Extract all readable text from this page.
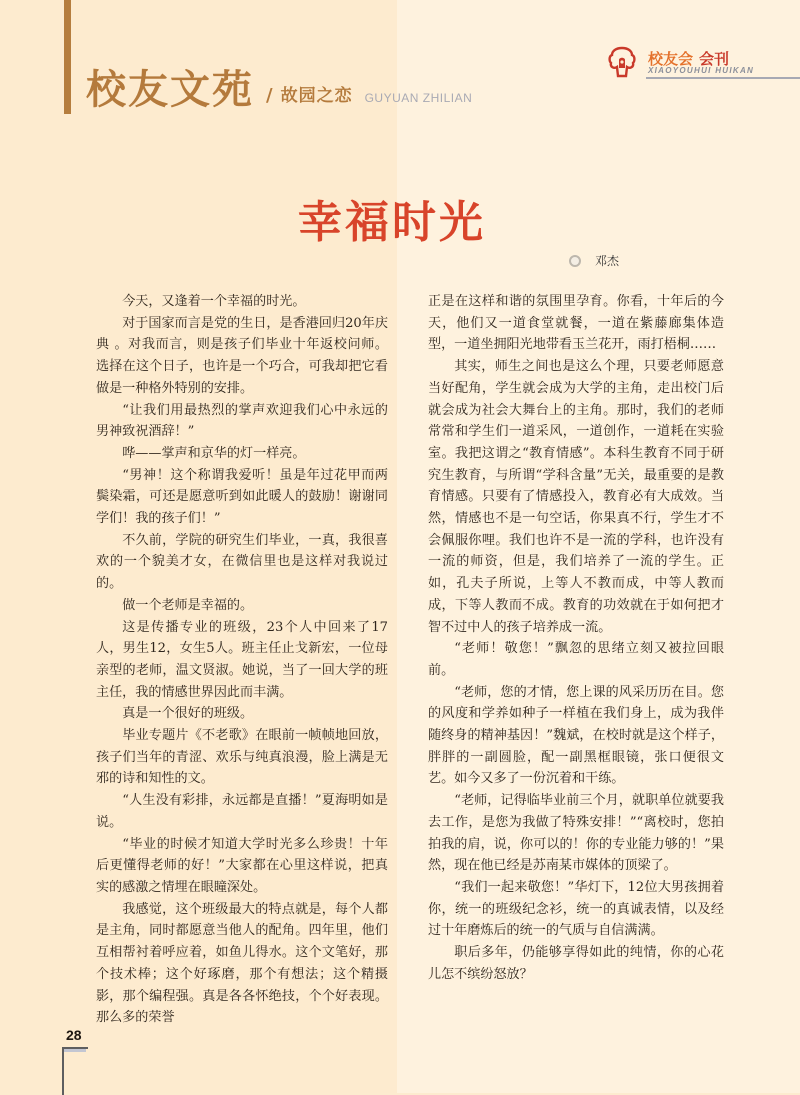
校友文苑 / 故园之恋 GUYUAN ZHILIAN
校友会 会刊
XIAOYOUHUI HUIKAN
幸福时光
邓杰

今天，又逢着一个幸福的时光。

对于国家而言是党的生日，是香港回归20年庆典 。对我而言，则是孩子们毕业十年返校问师。选择在这个日子，也许是一个巧合，可我却把它看做是一种格外特别的安排。

“让我们用最热烈的掌声欢迎我们心中永远的男神致祝酒辞！”

哗——掌声和京华的灯一样亮。

“男神！这个称谓我爱听！虽是年过花甲而两鬓染霜，可还是愿意听到如此暖人的鼓励！谢谢同学们！我的孩子们！”

不久前，学院的研究生们毕业，一真，我很喜欢的一个貌美才女，在微信里也是这样对我说过的。

做一个老师是幸福的。

这是传播专业的班级，23个人中回来了17人，男生12，女生5人。班主任止戈新宏，一位母亲型的老师，温文贤淑。她说，当了一回大学的班主任，我的情感世界因此而丰满。

真是一个很好的班级。

毕业专题片《不老歌》在眼前一帧帧地回放，孩子们当年的青涩、欢乐与纯真浪漫，脸上满是无邪的诗和知性的文。

“人生没有彩排，永远都是直播！”夏海明如是说。

“毕业的时候才知道大学时光多么珍贵！十年后更懂得老师的好！”大家都在心里这样说，把真实的感激之情埋在眼瞳深处。

我感觉，这个班级最大的特点就是，每个人都是主角，同时都愿意当他人的配角。四年里，他们互相帮衬着呼应着，如鱼儿得水。这个文笔好，那个技术棒；这个好琢磨，那个有想法；这个精摄影，那个编程强。真是各各怀绝技，个个好表现。那么多的荣誉

正是在这样和谐的氛围里孕育。你看，十年后的今天，他们又一道食堂就餐，一道在紫藤廊集体造型，一道坐拥阳光地带看玉兰花开，雨打梧桐……

其实，师生之间也是这么个理，只要老师愿意当好配角，学生就会成为大学的主角，走出校门后就会成为社会大舞台上的主角。那时，我们的老师常常和学生们一道采风，一道创作，一道耗在实验室。我把这谓之“教育情感”。本科生教育不同于研究生教育，与所谓“学科含量”无关，最重要的是教育情感。只要有了情感投入，教育必有大成效。当然，情感也不是一句空话，你果真不行，学生才不会佩服你哩。我们也许不是一流的学科，也许没有一流的师资，但是，我们培养了一流的学生。正如，孔夫子所说，上等人不教而成，中等人教而成，下等人教而不成。教育的功效就在于如何把才智不过中人的孩子培养成一流。

“老师！敬您！”飘忽的思绪立刻又被拉回眼前。

“老师，您的才情，您上课的风采历历在目。您的风度和学养如种子一样植在我们身上，成为我伴随终身的精神基因！”魏斌，在校时就是这个样子，胖胖的一副圆脸，配一副黑框眼镜，张口便很文艺。如今又多了一份沉着和干练。

“老师，记得临毕业前三个月，就职单位就要我去工作，是您为我做了特殊安排！”“离校时，您拍拍我的肩，说，你可以的！你的专业能力够的！”果然，现在他已经是苏南某市媒体的顶梁了。

“我们一起来敬您！”华灯下，12位大男孩拥着你，统一的班级纪念衫，统一的真诚表情，以及经过十年磨炼后的统一的气质与自信满满。

职后多年，仍能够享得如此的纯情，你的心花儿怎不缤纷怒放？

28
